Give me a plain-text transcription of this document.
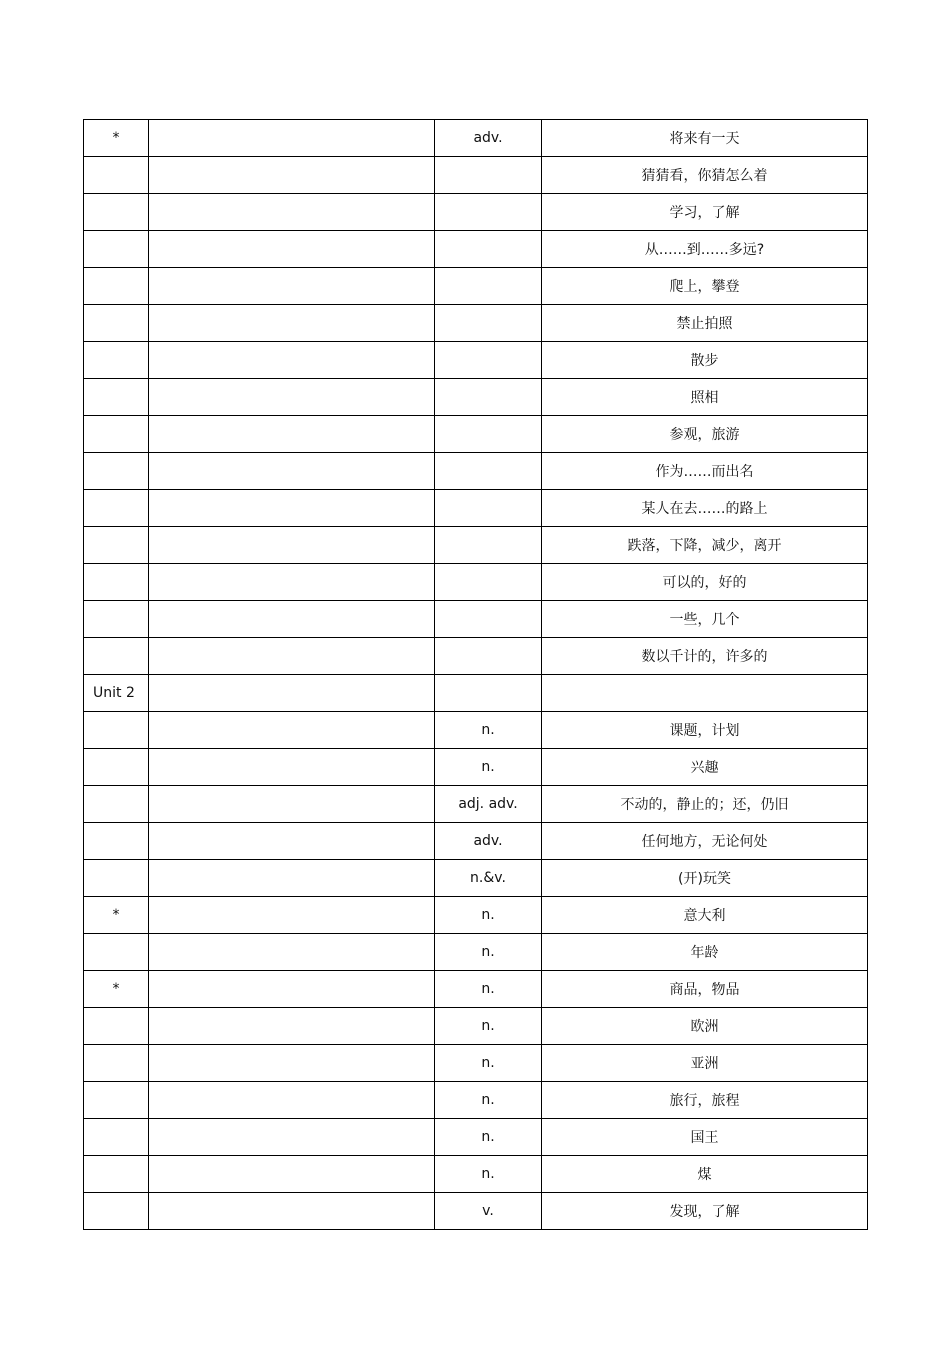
*		adv.	将来有一天
			猜猜看，你猜怎么着
			学习，了解
			从……到……多远?
			爬上，攀登
			禁止拍照
			散步
			照相
			参观，旅游
			作为……而出名
			某人在去……的路上
			跌落，下降，减少，离开
			可以的，好的
			一些，几个
			数以千计的，许多的
Unit 2			
		n.	课题，计划
		n.	兴趣
		adj. adv.	不动的，静止的；还，仍旧
		adv.	任何地方，无论何处
		n.&v.	(开)玩笑
*		n.	意大利
		n.	年龄
*		n.	商品，物品
		n.	欧洲
		n.	亚洲
		n.	旅行，旅程
		n.	国王
		n.	煤
		v.	发现，了解
